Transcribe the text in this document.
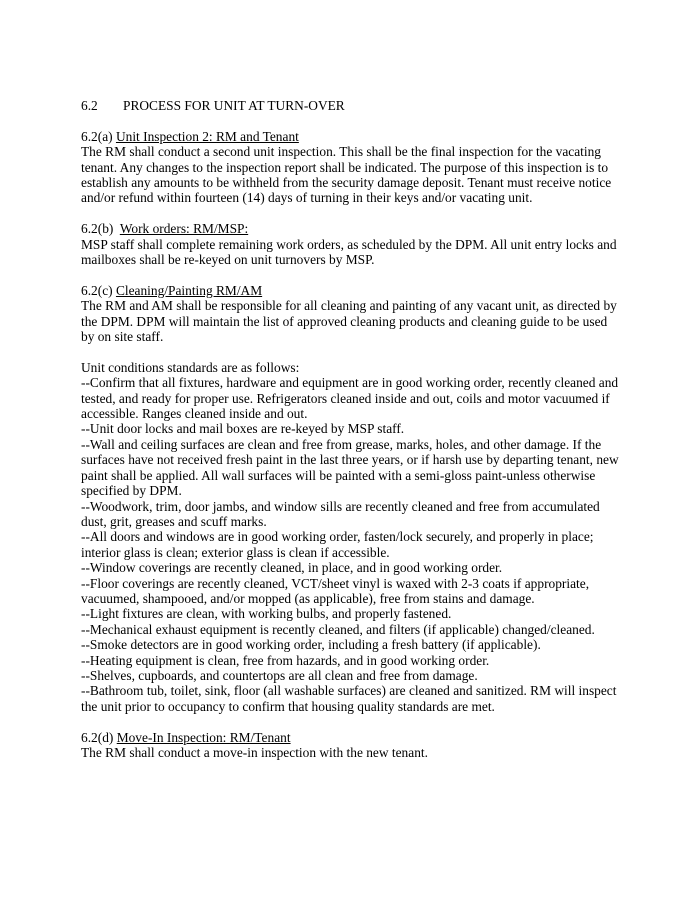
6.2 PROCESS FOR UNIT AT TURN-OVER

6.2(a) Unit Inspection 2: RM and Tenant

The RM shall conduct a second unit inspection. This shall be the final inspection for the vacating tenant. Any changes to the inspection report shall be indicated. The purpose of this inspection is to establish any amounts to be withheld from the security damage deposit. Tenant must receive notice and/or refund within fourteen (14) days of turning in their keys and/or vacating unit.

6.2(b)  Work orders: RM/MSP:

MSP staff shall complete remaining work orders, as scheduled by the DPM. All unit entry locks and mailboxes shall be re-keyed on unit turnovers by MSP.

6.2(c) Cleaning/Painting RM/AM

The RM and AM shall be responsible for all cleaning and painting of any vacant unit, as directed by the DPM. DPM will maintain the list of approved cleaning products and cleaning guide to be used by on site staff.

Unit conditions standards are as follows:

--Confirm that all fixtures, hardware and equipment are in good working order, recently cleaned and tested, and ready for proper use. Refrigerators cleaned inside and out, coils and motor vacuumed if accessible. Ranges cleaned inside and out.
--Unit door locks and mail boxes are re-keyed by MSP staff.
--Wall and ceiling surfaces are clean and free from grease, marks, holes, and other damage. If the surfaces have not received fresh paint in the last three years, or if harsh use by departing tenant, new paint shall be applied. All wall surfaces will be painted with a semi-gloss paint-unless otherwise specified by DPM.
--Woodwork, trim, door jambs, and window sills are recently cleaned and free from accumulated dust, grit, greases and scuff marks.
--All doors and windows are in good working order, fasten/lock securely, and properly in place; interior glass is clean; exterior glass is clean if accessible.
--Window coverings are recently cleaned, in place, and in good working order.
--Floor coverings are recently cleaned, VCT/sheet vinyl is waxed with 2-3 coats if appropriate, vacuumed, shampooed, and/or mopped (as applicable), free from stains and damage.
--Light fixtures are clean, with working bulbs, and properly fastened.
--Mechanical exhaust equipment is recently cleaned, and filters (if applicable) changed/cleaned.
--Smoke detectors are in good working order, including a fresh battery (if applicable).
--Heating equipment is clean, free from hazards, and in good working order.
--Shelves, cupboards, and countertops are all clean and free from damage.
--Bathroom tub, toilet, sink, floor (all washable surfaces) are cleaned and sanitized. RM will inspect the unit prior to occupancy to confirm that housing quality standards are met.

6.2(d) Move-In Inspection: RM/Tenant

The RM shall conduct a move-in inspection with the new tenant.
